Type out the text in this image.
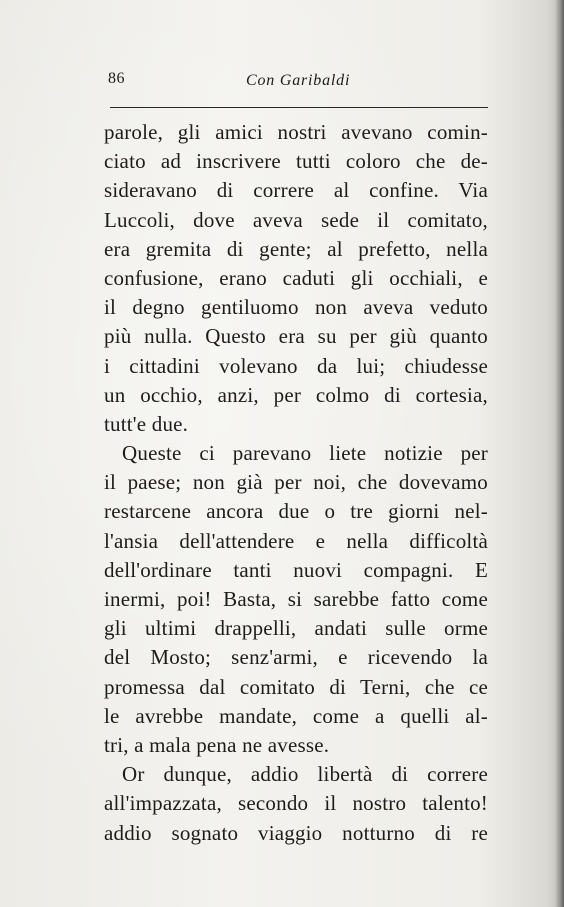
86	Con Garibaldi
parole, gli amici nostri avevano comin-
ciato ad inscrivere tutti coloro che de-
sideravano di correre al confine. Via
Luccoli, dove aveva sede il comitato,
era gremita di gente; al prefetto, nella
confusione, erano caduti gli occhiali, e
il degno gentiluomo non aveva veduto
più nulla. Questo era su per giù quanto
i cittadini volevano da lui; chiudesse
un occhio, anzi, per colmo di cortesia,
tutt'e due.
Queste ci parevano liete notizie per
il paese; non già per noi, che dovevamo
restarcene ancora due o tre giorni nel-
l'ansia dell'attendere e nella difficoltà
dell'ordinare tanti nuovi compagni. E
inermi, poi! Basta, si sarebbe fatto come
gli ultimi drappelli, andati sulle orme
del Mosto; senz'armi, e ricevendo la
promessa dal comitato di Terni, che ce
le avrebbe mandate, come a quelli al-
tri, a mala pena ne avesse.
Or dunque, addio libertà di correre
all'impazzata, secondo il nostro talento!
addio sognato viaggio notturno di re
